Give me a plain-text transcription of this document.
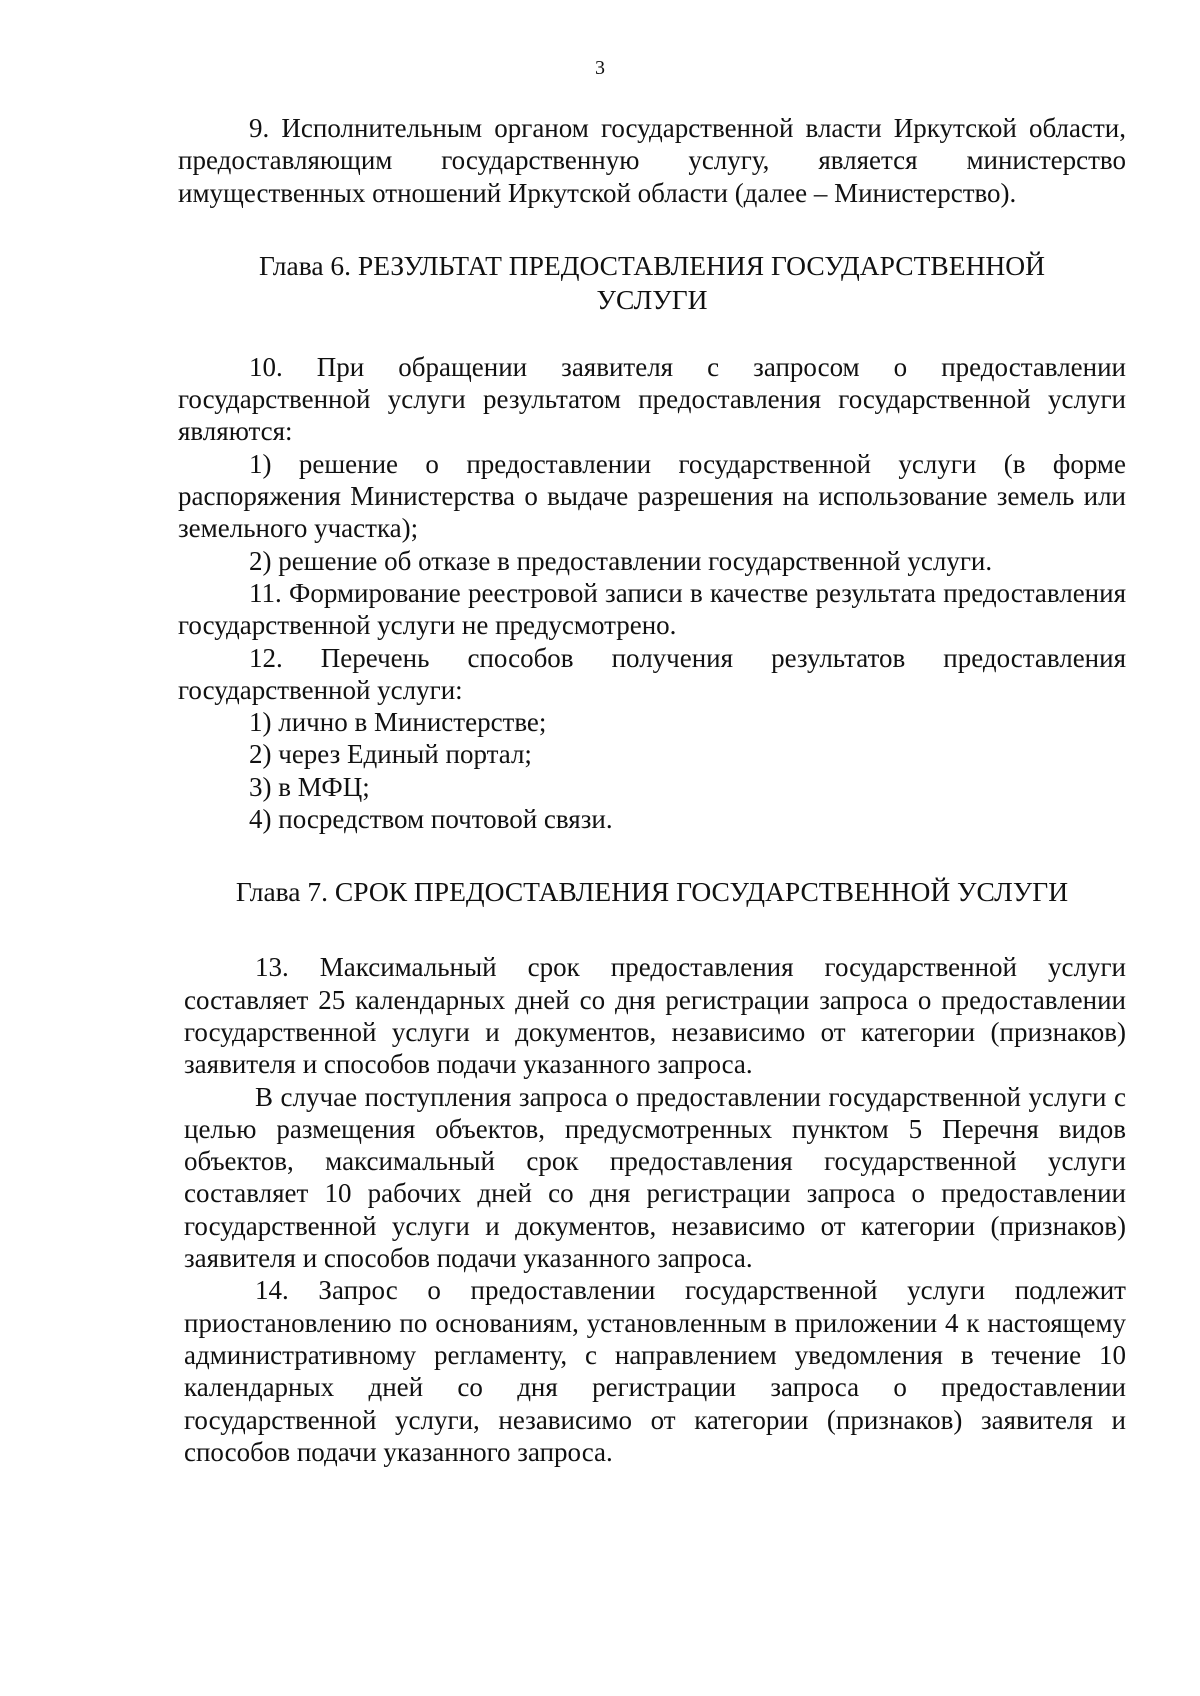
3

9. Исполнительным органом государственной власти Иркутской области, предоставляющим государственную услугу, является министерство имущественных отношений Иркутской области (далее – Министерство).

Глава 6. РЕЗУЛЬТАТ ПРЕДОСТАВЛЕНИЯ ГОСУДАРСТВЕННОЙ УСЛУГИ

10. При обращении заявителя с запросом о предоставлении государственной услуги результатом предоставления государственной услуги являются:

1) решение о предоставлении государственной услуги (в форме распоряжения Министерства о выдаче разрешения на использование земель или земельного участка);

2) решение об отказе в предоставлении государственной услуги.

11. Формирование реестровой записи в качестве результата предоставления государственной услуги не предусмотрено.

12. Перечень способов получения результатов предоставления государственной услуги:

1) лично в Министерстве;

2) через Единый портал;

3) в МФЦ;

4) посредством почтовой связи.

Глава 7. СРОК ПРЕДОСТАВЛЕНИЯ ГОСУДАРСТВЕННОЙ УСЛУГИ

13. Максимальный срок предоставления государственной услуги составляет 25 календарных дней со дня регистрации запроса о предоставлении государственной услуги и документов, независимо от категории (признаков) заявителя и способов подачи указанного запроса.

В случае поступления запроса о предоставлении государственной услуги с целью размещения объектов, предусмотренных пунктом 5 Перечня видов объектов, максимальный срок предоставления государственной услуги составляет 10 рабочих дней со дня регистрации запроса о предоставлении государственной услуги и документов, независимо от категории (признаков) заявителя и способов подачи указанного запроса.

14. Запрос о предоставлении государственной услуги подлежит приостановлению по основаниям, установленным в приложении 4 к настоящему административному регламенту, с направлением уведомления в течение 10 календарных дней со дня регистрации запроса о предоставлении государственной услуги, независимо от категории (признаков) заявителя и способов подачи указанного запроса.
